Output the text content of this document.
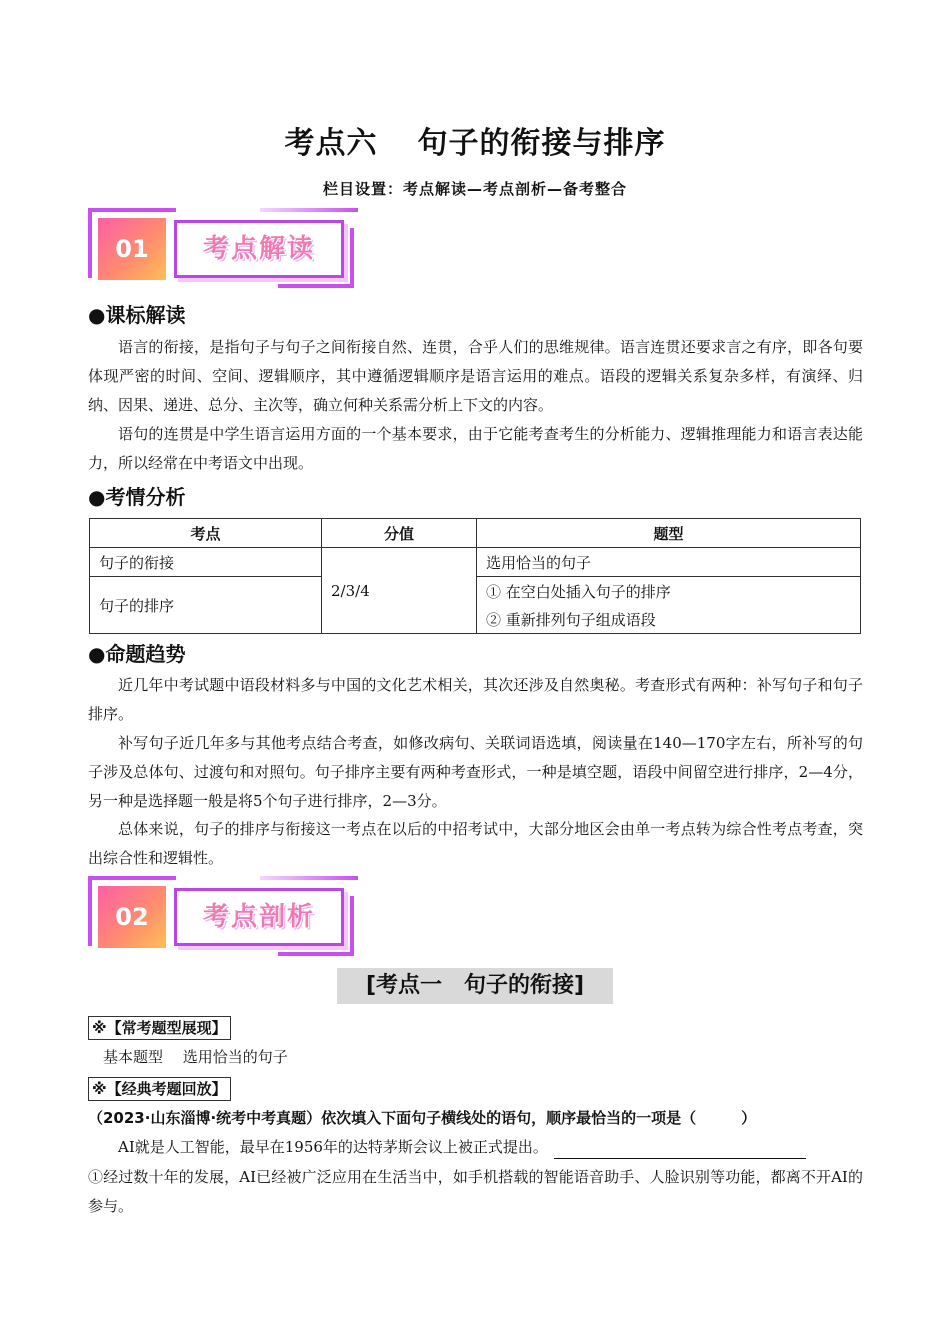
考点六 句子的衔接与排序
栏目设置：考点解读—考点剖析—备考整合
01	考点解读
●课标解读
语言的衔接，是指句子与句子之间衔接自然、连贯，合乎人们的思维规律。语言连贯还要求言之有序，即各句要体现严密的时间、空间、逻辑顺序，其中遵循逻辑顺序是语言运用的难点。语段的逻辑关系复杂多样，有演绎、归纳、因果、递进、总分、主次等，确立何种关系需分析上下文的内容。
语句的连贯是中学生语言运用方面的一个基本要求，由于它能考查考生的分析能力、逻辑推理能力和语言表达能力，所以经常在中考语文中出现。
●考情分析
考点	分值	题型
句子的衔接	2/3/4	选用恰当的句子
句子的排序		① 在空白处插入句子的排序
		② 重新排列句子组成语段
●命题趋势
近几年中考试题中语段材料多与中国的文化艺术相关，其次还涉及自然奥秘。考查形式有两种：补写句子和句子排序。
补写句子近几年多与其他考点结合考查，如修改病句、关联词语选填，阅读量在140—170字左右，所补写的句子涉及总体句、过渡句和对照句。句子排序主要有两种考查形式，一种是填空题，语段中间留空进行排序，2—4分，另一种是选择题一般是将5个句子进行排序，2—3分。
总体来说，句子的排序与衔接这一考点在以后的中招考试中，大部分地区会由单一考点转为综合性考点考查，突出综合性和逻辑性。
02	考点剖析
[考点一　句子的衔接]
※【常考题型展现】
基本题型　 选用恰当的句子
※【经典考题回放】
（2023·山东淄博·统考中考真题）依次填入下面句子横线处的语句，顺序最恰当的一项是（　　　）
AI就是人工智能，最早在1956年的达特茅斯会议上被正式提出。
①经过数十年的发展，AI已经被广泛应用在生活当中，如手机搭载的智能语音助手、人脸识别等功能，都离不开AI的参与。
